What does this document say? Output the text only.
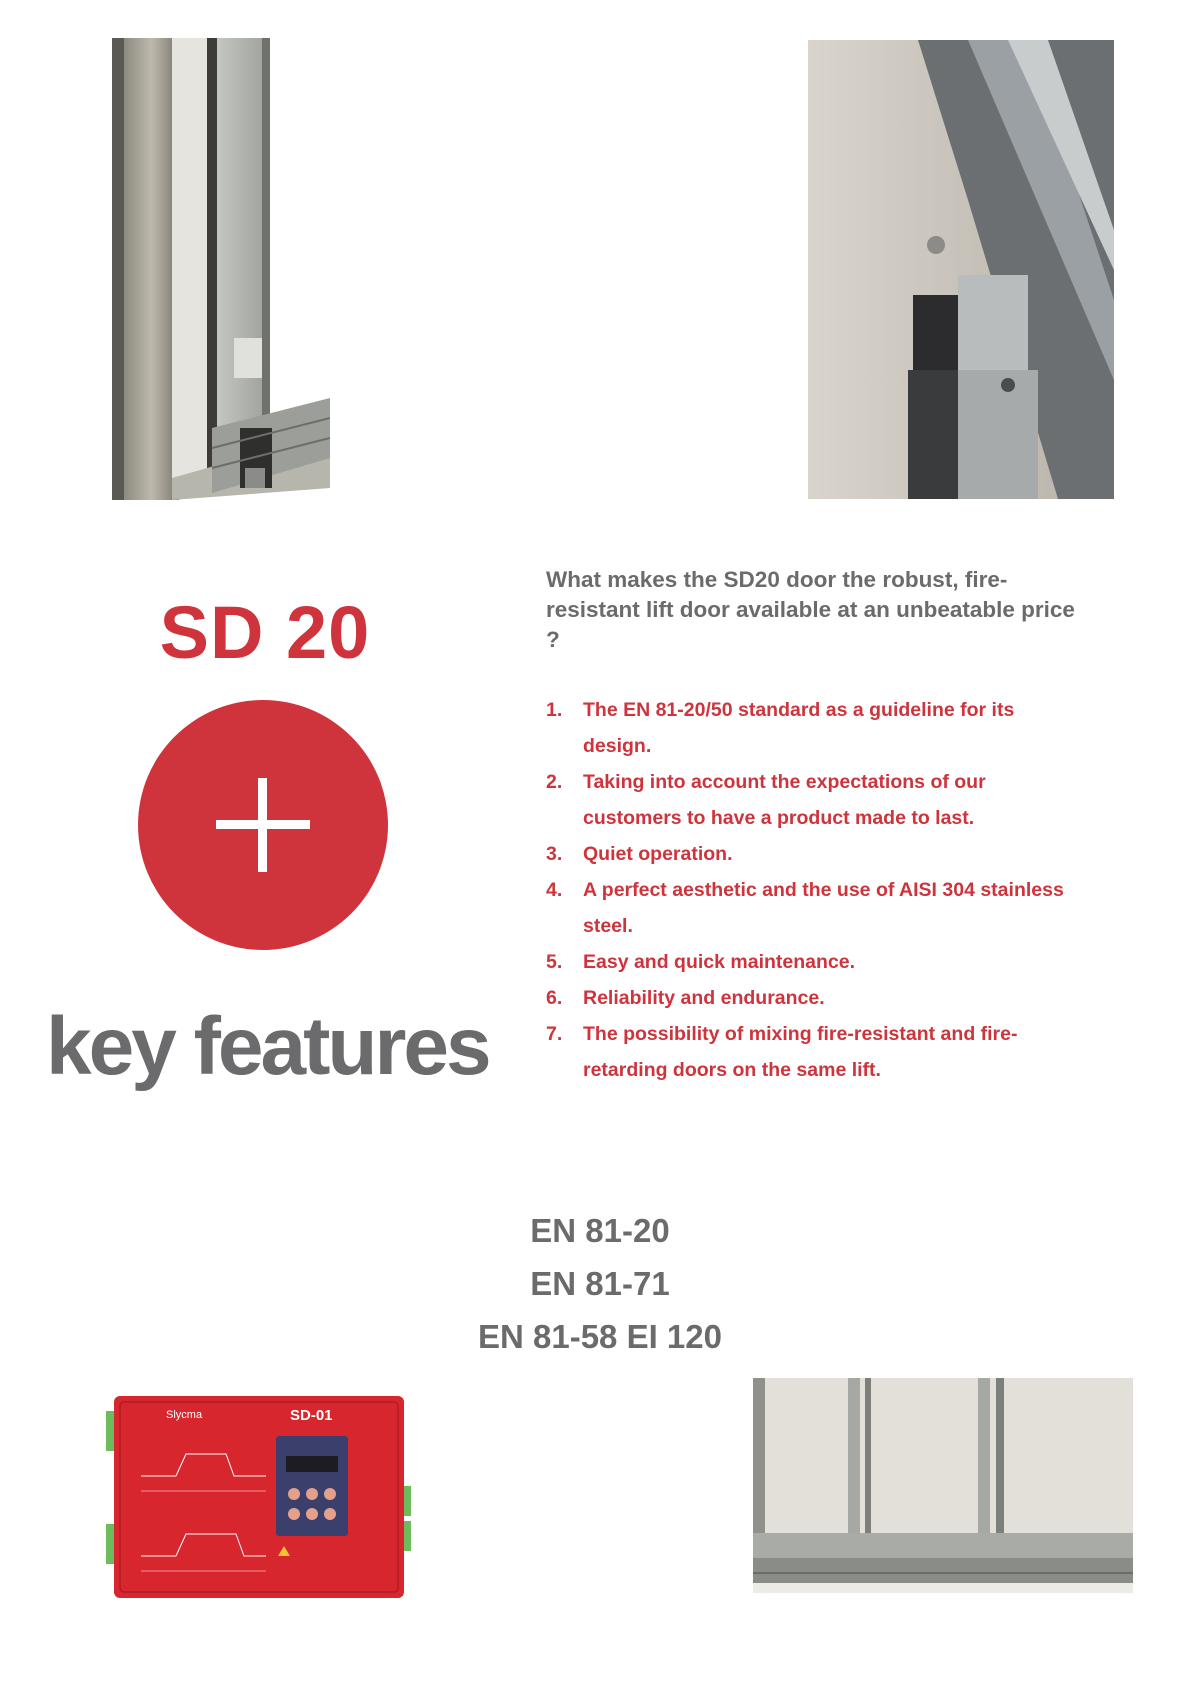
SD 20
key features
What makes the SD20 door the robust, fire-resistant lift door available at an unbeatable price ?
1. The EN 81-20/50 standard as a guideline for its design.
2. Taking into account the expectations of our customers to have a product made to last.
3. Quiet operation.
4. A perfect aesthetic and the use of AISI 304 stainless steel.
5. Easy and quick maintenance.
6. Reliability and endurance.
7. The possibility of mixing fire-resistant and fire-retarding doors on the same lift.
EN 81-20
EN 81-71
EN 81-58 EI 120
Slycma	SD-01
